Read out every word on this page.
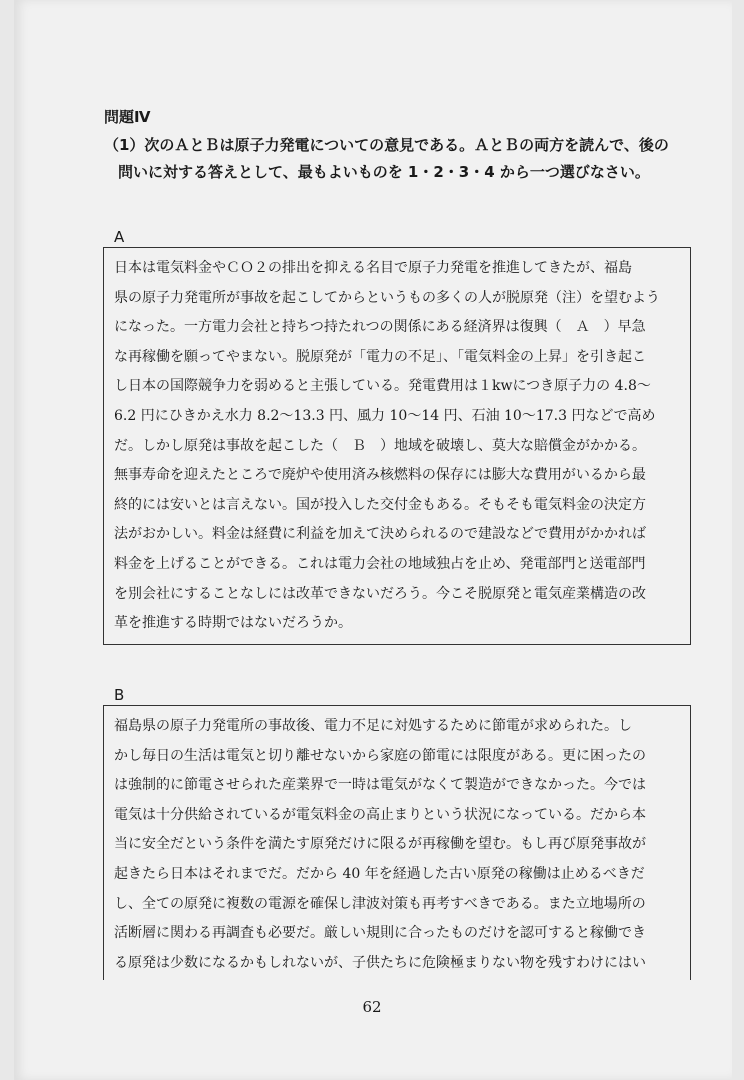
問題Ⅳ
（1）次のＡとＢは原子力発電についての意見である。ＡとＢの両方を読んで、後の
問いに対する答えとして、最もよいものを 1・2・3・4 から一つ選びなさい。
A
日本は電気料金やＣＯ２の排出を抑える名目で原子力発電を推進してきたが、福島
県の原子力発電所が事故を起こしてからというもの多くの人が脱原発（注）を望むよう
になった。一方電力会社と持ちつ持たれつの関係にある経済界は復興（　Ａ　）早急
な再稼働を願ってやまない。脱原発が「電力の不足」、「電気料金の上昇」を引き起こ
し日本の国際競争力を弱めると主張している。発電費用は１kwにつき原子力の 4.8～
6.2 円にひきかえ水力 8.2～13.3 円、風力 10～14 円、石油 10～17.3 円などで高め
だ。しかし原発は事故を起こした（　Ｂ　）地域を破壊し、莫大な賠償金がかかる。
無事寿命を迎えたところで廃炉や使用済み核燃料の保存には膨大な費用がいるから最
終的には安いとは言えない。国が投入した交付金もある。そもそも電気料金の決定方
法がおかしい。料金は経費に利益を加えて決められるので建設などで費用がかかれば
料金を上げることができる。これは電力会社の地域独占を止め、発電部門と送電部門
を別会社にすることなしには改革できないだろう。今こそ脱原発と電気産業構造の改
革を推進する時期ではないだろうか。
B
福島県の原子力発電所の事故後、電力不足に対処するために節電が求められた。し
かし毎日の生活は電気と切り離せないから家庭の節電には限度がある。更に困ったの
は強制的に節電させられた産業界で一時は電気がなくて製造ができなかった。今では
電気は十分供給されているが電気料金の高止まりという状況になっている。だから本
当に安全だという条件を満たす原発だけに限るが再稼働を望む。もし再び原発事故が
起きたら日本はそれまでだ。だから 40 年を経過した古い原発の稼働は止めるべきだ
し、全ての原発に複数の電源を確保し津波対策も再考すべきである。また立地場所の
活断層に関わる再調査も必要だ。厳しい規則に合ったものだけを認可すると稼働でき
る原発は少数になるかもしれないが、子供たちに危険極まりない物を残すわけにはい
62
